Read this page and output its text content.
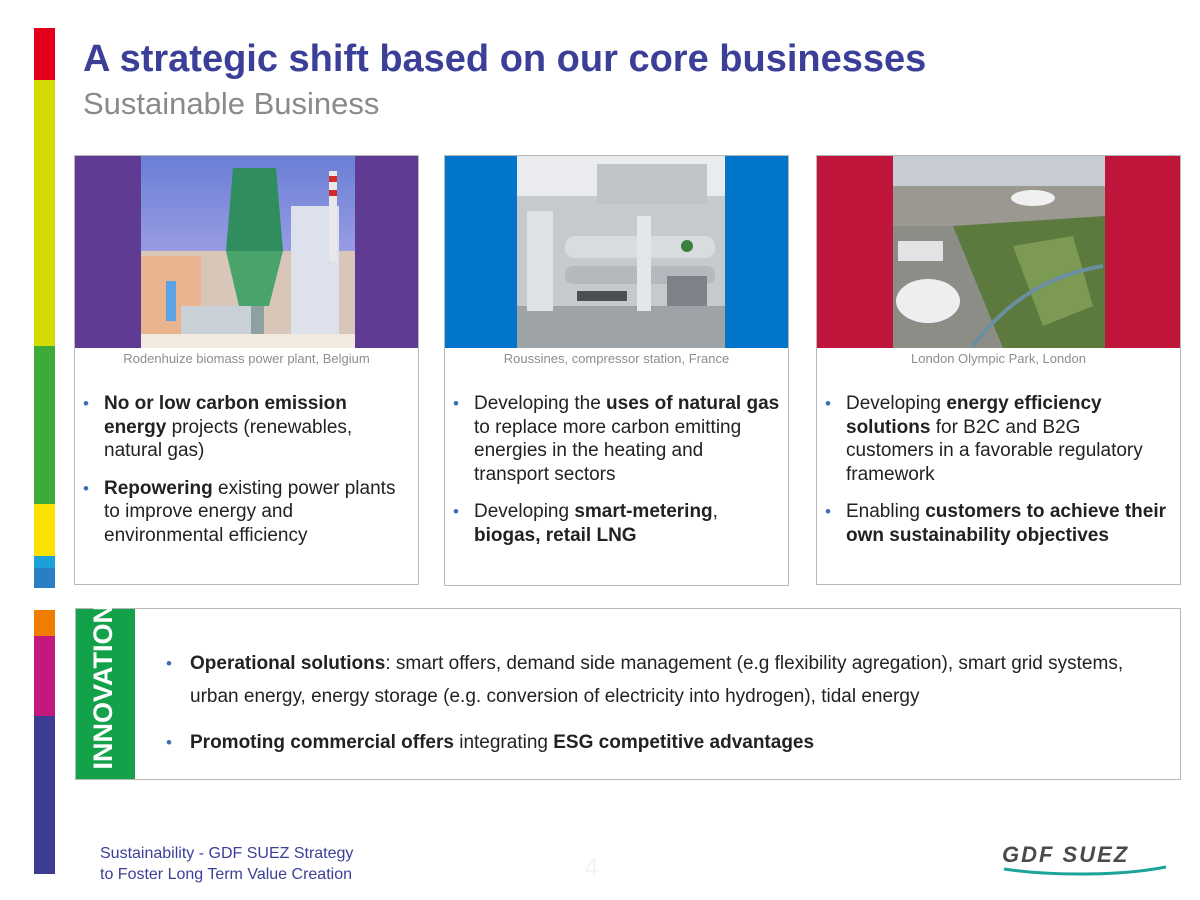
A strategic shift based on our core businesses
Sustainable Business
POWER
Rodenhuize biomass power plant, Belgium
• No or low carbon emission energy projects (renewables, natural gas)
• Repowering existing power plants to improve energy and environmental efficiency
GAS
Roussines, compressor station, France
• Developing the uses of natural gas to replace more carbon emitting energies in the heating and transport sectors
• Developing smart-metering, biogas, retail LNG	SERVICES
London Olympic Park, London
• Developing energy efficiency solutions for B2C and B2G customers in a favorable regulatory framework
• Enabling customers to achieve their own sustainability objectives
INNOVATION	• Operational solutions: smart offers, demand side management (e.g flexibility agregation), smart grid systems, urban energy, energy storage (e.g. conversion of electricity into hydrogen), tidal energy
• Promoting commercial offers integrating ESG competitive advantages
Sustainability - GDF SUEZ Strategy
to Foster Long Term Value Creation	4	GDF SUEZ
